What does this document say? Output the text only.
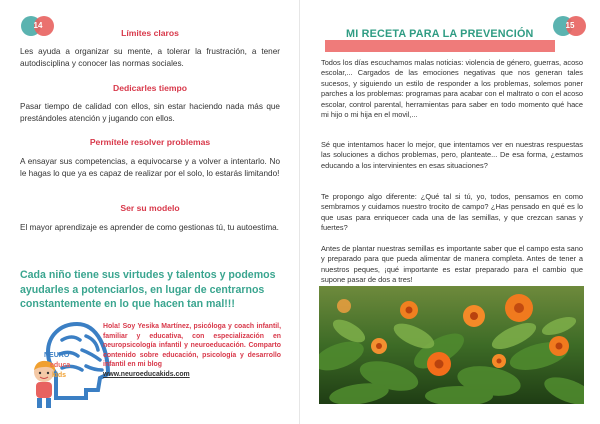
14
Límites claros
Les ayuda a organizar su mente, a tolerar la frustración, a tener autodisciplina y conocer las normas sociales.
Dedicarles tiempo
Pasar tiempo de calidad con ellos, sin estar haciendo nada más que prestándoles atención y jugando con ellos.
Permítele resolver problemas
A ensayar sus competencias, a equivocarse y a volver a intentarlo. No le hagas lo que ya es capaz de realizar por el solo, lo estarás limitando!
Ser su modelo
El mayor aprendizaje es aprender de como gestionas tú, tu autoestima.
Cada niño tiene sus virtudes y talentos y podemos ayudarles a potenciarlos, en lugar de centrarnos constantemente en lo que hacen tan mal!!!
NEURO
educa
kids
Hola! Soy Yesika Martínez, psicóloga y coach infantil, familiar y educativa, con especialización en neuropsicología infantil y neuroeducación. Comparto contenido sobre educación, psicología y desarrollo infantil en mi blog
www.neuroeducakids.com
15
MI RECETA PARA LA PREVENCIÓN
Todos los días escuchamos malas noticias: violencia de género, guerras, acoso escolar,... Cargados de las emociones negativas que nos generan tales sucesos, y siguiendo un estilo de responder a los problemas, solemos poner parches a los problemas: programas para acabar con el maltrato o con el acoso escolar, control parental, herramientas para saber en todo momento qué hace mi hijo o mi hija en el movil,...
Sé que intentamos hacer lo mejor, que intentamos ver en nuestras respuestas las soluciones a dichos problemas, pero, planteate... De esa forma, ¿estamos educando a los intervinientes en esas situaciones?
Te propongo algo diferente: ¿Qué tal si tú, yo, todos, pensamos en como sembramos y cuidamos nuestro trocito de campo? ¿Has pensado en qué es lo que usas para enriquecer cada una de las semillas, y que crezcan sanas y fuertes?
Antes de plantar nuestras semillas es importante saber que el campo esta sano y preparado para que pueda alimentar de manera completa. Antes de tener a nuestros peques, ¡qué importante es estar preparado para el cambio que supone pasar de dos a tres!
